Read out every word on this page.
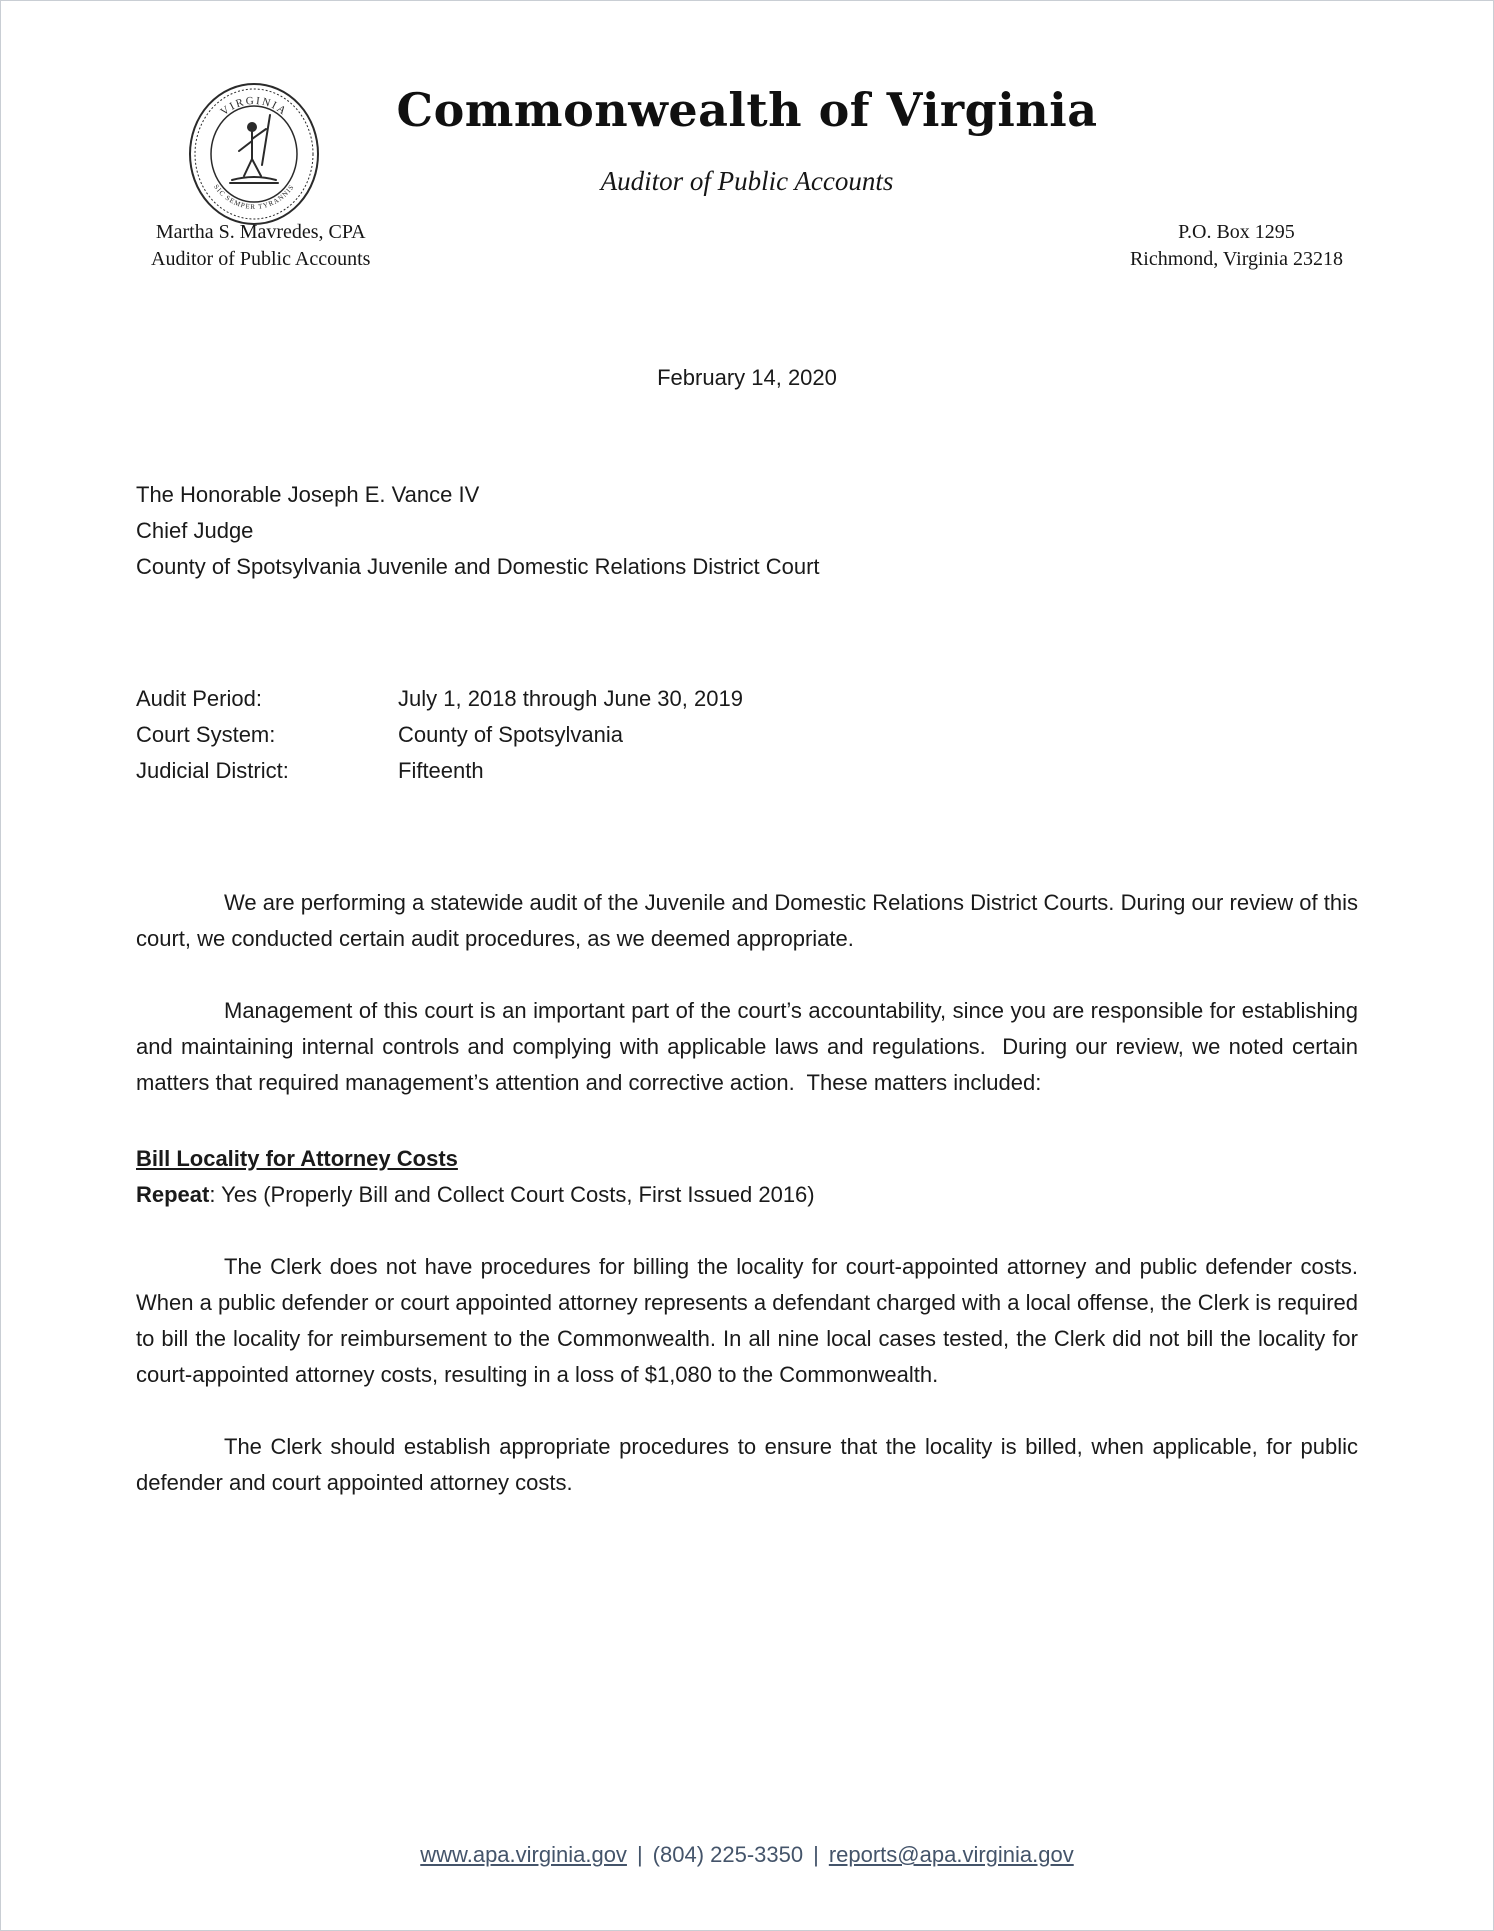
VIRGINIA
SIC SEMPER TYRANNIS
Commonwealth of Virginia
Auditor of Public Accounts
Martha S. Mavredes, CPA
Auditor of Public Accounts
P.O. Box 1295
Richmond, Virginia 23218
February 14, 2020
The Honorable Joseph E. Vance IV
Chief Judge
County of Spotsylvania Juvenile and Domestic Relations District Court
Audit Period:	July 1, 2018 through June 30, 2019
Court System:	County of Spotsylvania
Judicial District:	Fifteenth

We are performing a statewide audit of the Juvenile and Domestic Relations District Courts. During our review of this court, we conducted certain audit procedures, as we deemed appropriate.

Management of this court is an important part of the court’s accountability, since you are responsible for establishing and maintaining internal controls and complying with applicable laws and regulations.  During our review, we noted certain matters that required management’s attention and corrective action.  These matters included:

Bill Locality for Attorney Costs
Repeat: Yes (Properly Bill and Collect Court Costs, First Issued 2016)

The Clerk does not have procedures for billing the locality for court-appointed attorney and public defender costs. When a public defender or court appointed attorney represents a defendant charged with a local offense, the Clerk is required to bill the locality for reimbursement to the Commonwealth. In all nine local cases tested, the Clerk did not bill the locality for court-appointed attorney costs, resulting in a loss of $1,080 to the Commonwealth.

The Clerk should establish appropriate procedures to ensure that the locality is billed, when applicable, for public defender and court appointed attorney costs.

www.apa.virginia.gov | (804) 225-3350 | reports@apa.virginia.gov
